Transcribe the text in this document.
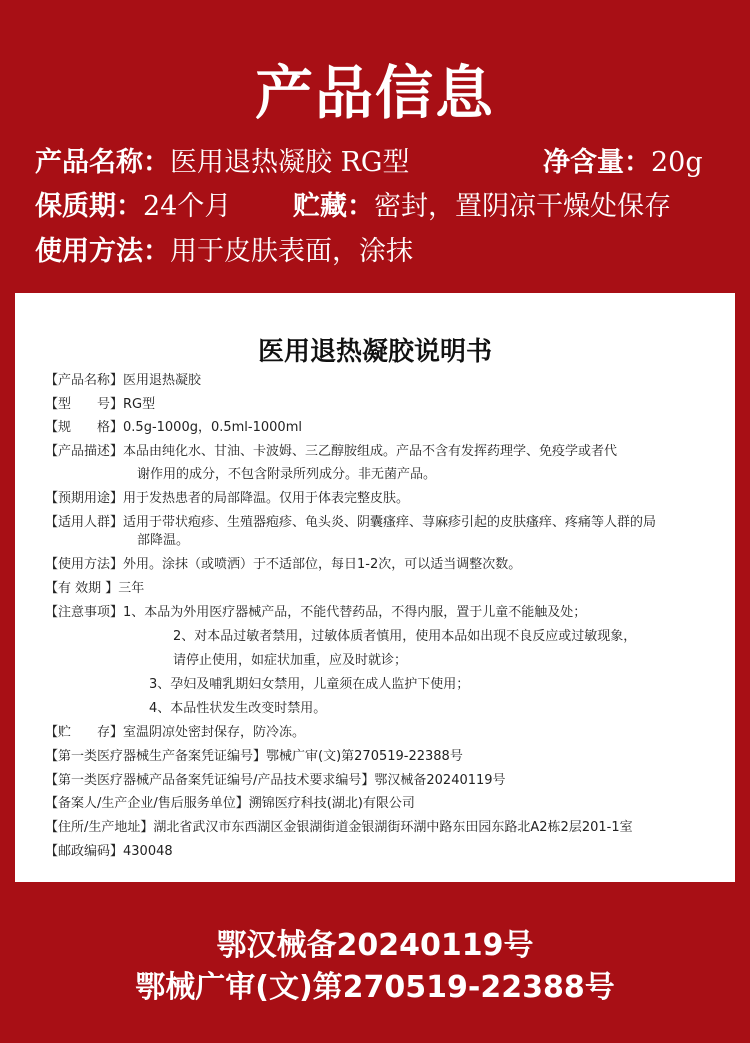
产品信息
产品名称：医用退热凝胶 RG型	净含量：20g
保质期：24个月 贮藏：密封，置阴凉干燥处保存
使用方法：用于皮肤表面，涂抹
医用退热凝胶说明书
【产品名称】医用退热凝胶
【型　　号】RG型
【规　　格】0.5g-1000g，0.5ml-1000ml
【产品描述】本品由纯化水、甘油、卡波姆、三乙醇胺组成。产品不含有发挥药理学、免疫学或者代
谢作用的成分，不包含附录所列成分。非无菌产品。
【预期用途】用于发热患者的局部降温。仅用于体表完整皮肤。
【适用人群】适用于带状疱疹、生殖器疱疹、龟头炎、阴囊瘙痒、荨麻疹引起的皮肤瘙痒、疼痛等人群的局
部降温。
【使用方法】外用。涂抹（或喷洒）于不适部位，每日1-2次，可以适当调整次数。
【有 效期 】三年
【注意事项】1、本品为外用医疗器械产品，不能代替药品，不得内服，置于儿童不能触及处；
2、对本品过敏者禁用，过敏体质者慎用，使用本品如出现不良反应或过敏现象，
请停止使用，如症状加重，应及时就诊；
3、孕妇及哺乳期妇女禁用，儿童须在成人监护下使用；
4、本品性状发生改变时禁用。
【贮　　存】室温阴凉处密封保存，防冷冻。
【第一类医疗器械生产备案凭证编号】鄂械广审(文)第270519-22388号
【第一类医疗器械产品备案凭证编号/产品技术要求编号】鄂汉械备20240119号
【备案人/生产企业/售后服务单位】溯锦医疗科技(湖北)有限公司
【住所/生产地址】湖北省武汉市东西湖区金银湖街道金银湖街环湖中路东田园东路北A2栋2层201-1室
【邮政编码】430048
鄂汉械备20240119号
鄂械广审(文)第270519-22388号
